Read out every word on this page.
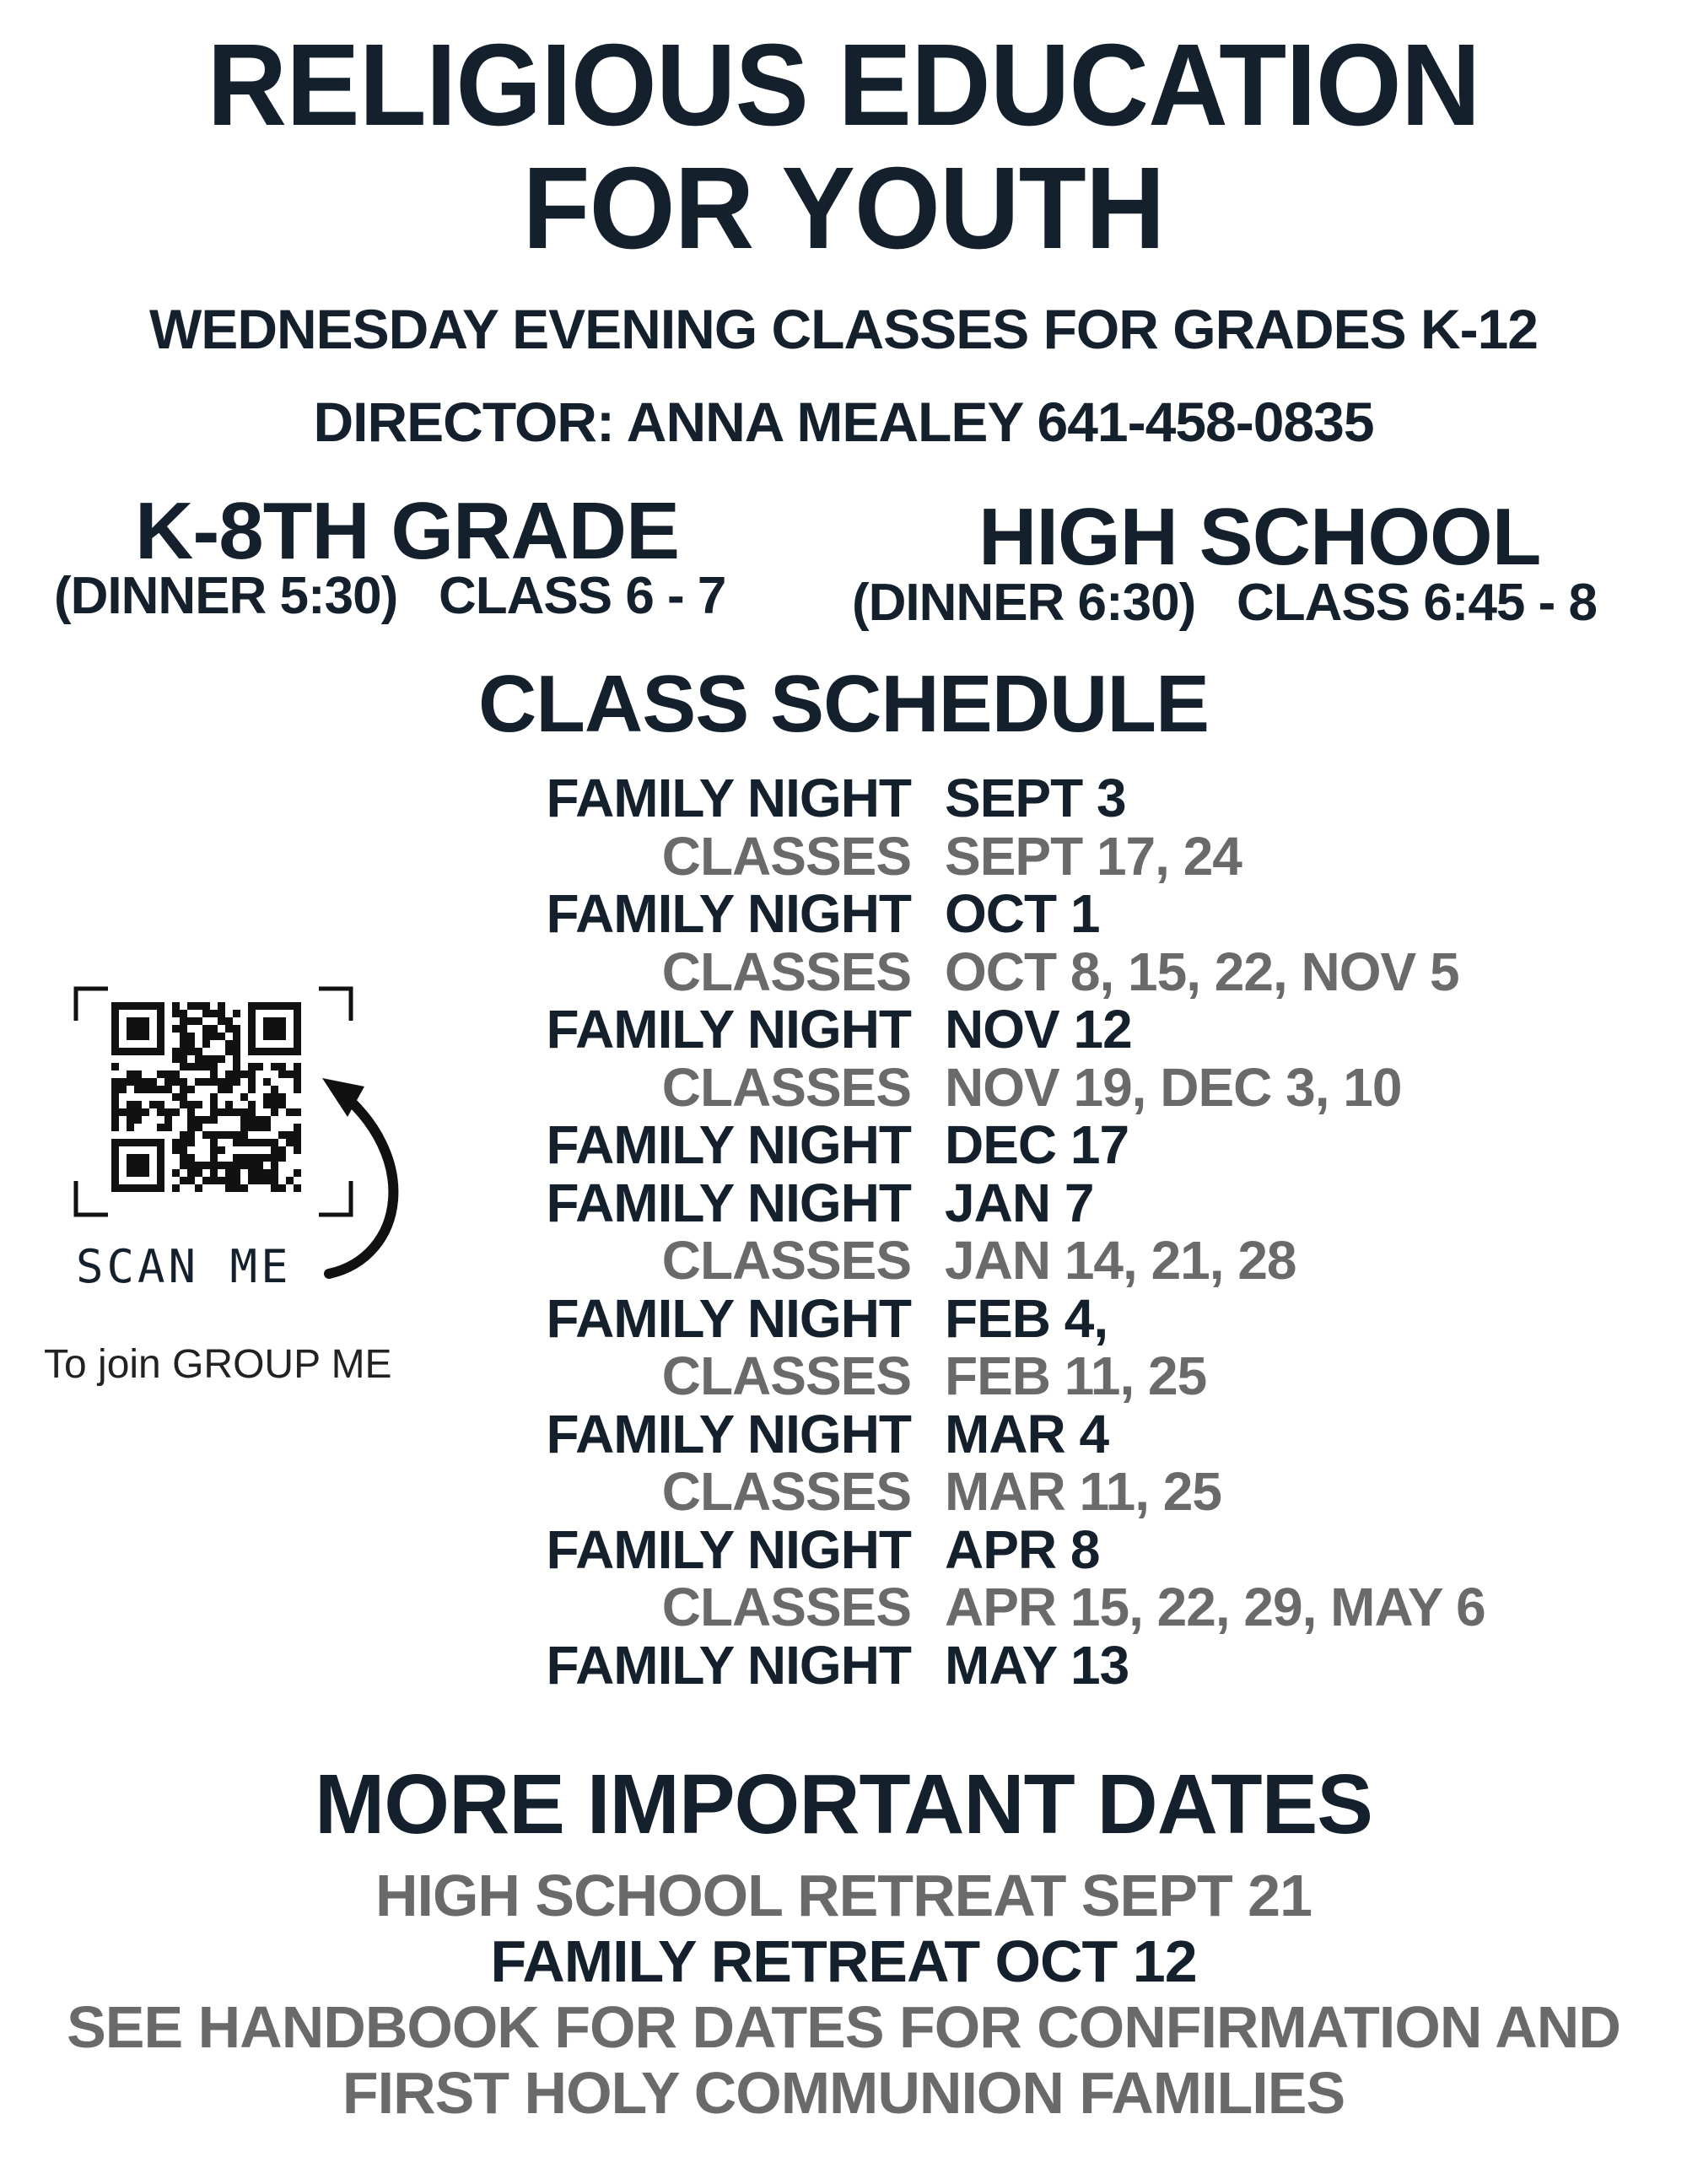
RELIGIOUS EDUCATION
FOR YOUTH
WEDNESDAY EVENING CLASSES FOR GRADES K-12
DIRECTOR: ANNA MEALEY 641-458-0835
K-8TH GRADE
(DINNER 5:30)   CLASS 6 - 7
HIGH SCHOOL
(DINNER 6:30)   CLASS 6:45 - 8
CLASS SCHEDULE
FAMILY NIGHT SEPT 3
CLASSES SEPT 17, 24
FAMILY NIGHT OCT 1
CLASSES OCT 8, 15, 22, NOV 5
FAMILY NIGHT NOV 12
CLASSES NOV 19, DEC 3, 10
FAMILY NIGHT DEC 17
FAMILY NIGHT JAN 7
CLASSES JAN 14, 21, 28
FAMILY NIGHT FEB 4,
CLASSES FEB 11, 25
FAMILY NIGHT MAR 4
CLASSES MAR 11, 25
FAMILY NIGHT APR 8
CLASSES APR 15, 22, 29, MAY 6
FAMILY NIGHT MAY 13
SCAN ME
To join GROUP ME
MORE IMPORTANT DATES
HIGH SCHOOL RETREAT SEPT 21
FAMILY RETREAT OCT 12
SEE HANDBOOK FOR DATES FOR CONFIRMATION AND
FIRST HOLY COMMUNION FAMILIES
